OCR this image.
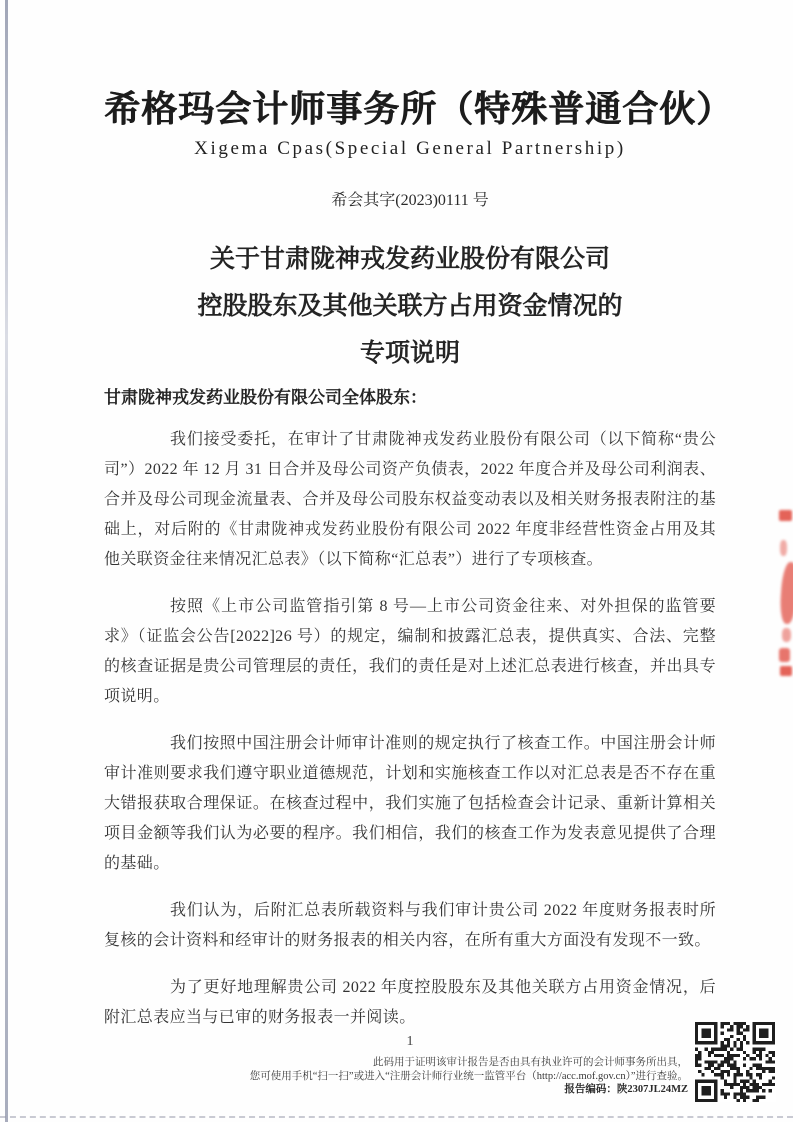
希格玛会计师事务所（特殊普通合伙）
Xigema Cpas(Special General Partnership)
希会其字(2023)0111 号
关于甘肃陇神戎发药业股份有限公司
控股股东及其他关联方占用资金情况的
专项说明

甘肃陇神戎发药业股份有限公司全体股东：

我们接受委托，在审计了甘肃陇神戎发药业股份有限公司（以下简称“贵公司”）2022 年 12 月 31 日合并及母公司资产负债表，2022 年度合并及母公司利润表、合并及母公司现金流量表、合并及母公司股东权益变动表以及相关财务报表附注的基础上，对后附的《甘肃陇神戎发药业股份有限公司 2022 年度非经营性资金占用及其他关联资金往来情况汇总表》（以下简称“汇总表”）进行了专项核查。

按照《上市公司监管指引第 8 号—上市公司资金往来、对外担保的监管要求》（证监会公告[2022]26 号）的规定，编制和披露汇总表，提供真实、合法、完整的核查证据是贵公司管理层的责任，我们的责任是对上述汇总表进行核查，并出具专项说明。

我们按照中国注册会计师审计准则的规定执行了核查工作。中国注册会计师审计准则要求我们遵守职业道德规范，计划和实施核查工作以对汇总表是否不存在重大错报获取合理保证。在核查过程中，我们实施了包括检查会计记录、重新计算相关项目金额等我们认为必要的程序。我们相信，我们的核查工作为发表意见提供了合理的基础。

我们认为，后附汇总表所载资料与我们审计贵公司 2022 年度财务报表时所复核的会计资料和经审计的财务报表的相关内容，在所有重大方面没有发现不一致。

为了更好地理解贵公司 2022 年度控股股东及其他关联方占用资金情况，后附汇总表应当与已审的财务报表一并阅读。

1
此码用于证明该审计报告是否由具有执业许可的会计师事务所出具，
您可使用手机“扫一扫”或进入“注册会计师行业统一监管平台（http://acc.mof.gov.cn）”进行查验。
报告编码：陕2307JL24MZ
